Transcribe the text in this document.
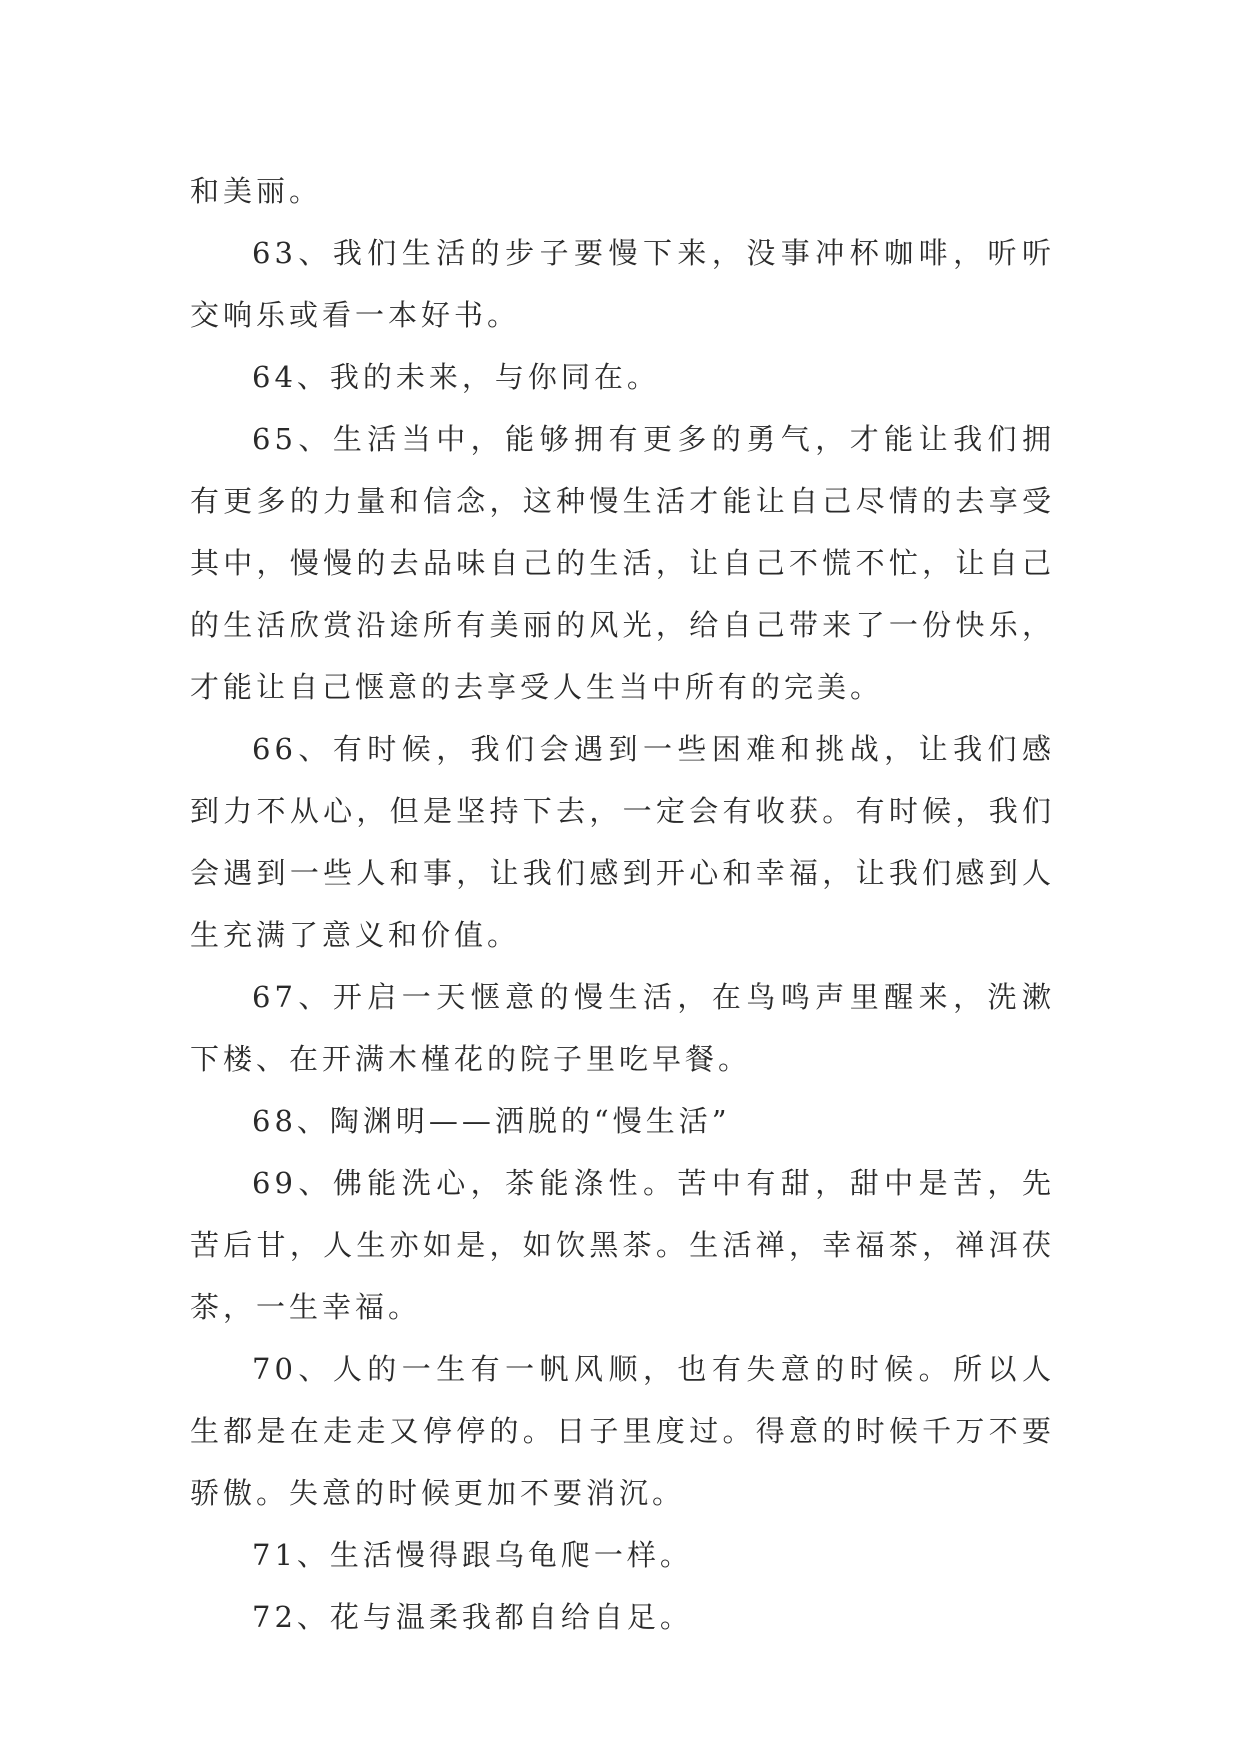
和美丽。

63、我们生活的步子要慢下来，没事冲杯咖啡，听听交响乐或看一本好书。

64、我的未来，与你同在。

65、生活当中，能够拥有更多的勇气，才能让我们拥有更多的力量和信念，这种慢生活才能让自己尽情的去享受其中，慢慢的去品味自己的生活，让自己不慌不忙，让自己的生活欣赏沿途所有美丽的风光，给自己带来了一份快乐，才能让自己惬意的去享受人生当中所有的完美。

66、有时候，我们会遇到一些困难和挑战，让我们感到力不从心，但是坚持下去，一定会有收获。有时候，我们会遇到一些人和事，让我们感到开心和幸福，让我们感到人生充满了意义和价值。

67、开启一天惬意的慢生活，在鸟鸣声里醒来，洗漱下楼、在开满木槿花的院子里吃早餐。

68、陶渊明——洒脱的“慢生活”

69、佛能洗心，茶能涤性。苦中有甜，甜中是苦，先苦后甘，人生亦如是，如饮黑茶。生活禅，幸福茶，禅洱茯茶，一生幸福。

70、人的一生有一帆风顺，也有失意的时候。所以人生都是在走走又停停的。日子里度过。得意的时候千万不要骄傲。失意的时候更加不要消沉。

71、生活慢得跟乌龟爬一样。

72、花与温柔我都自给自足。
